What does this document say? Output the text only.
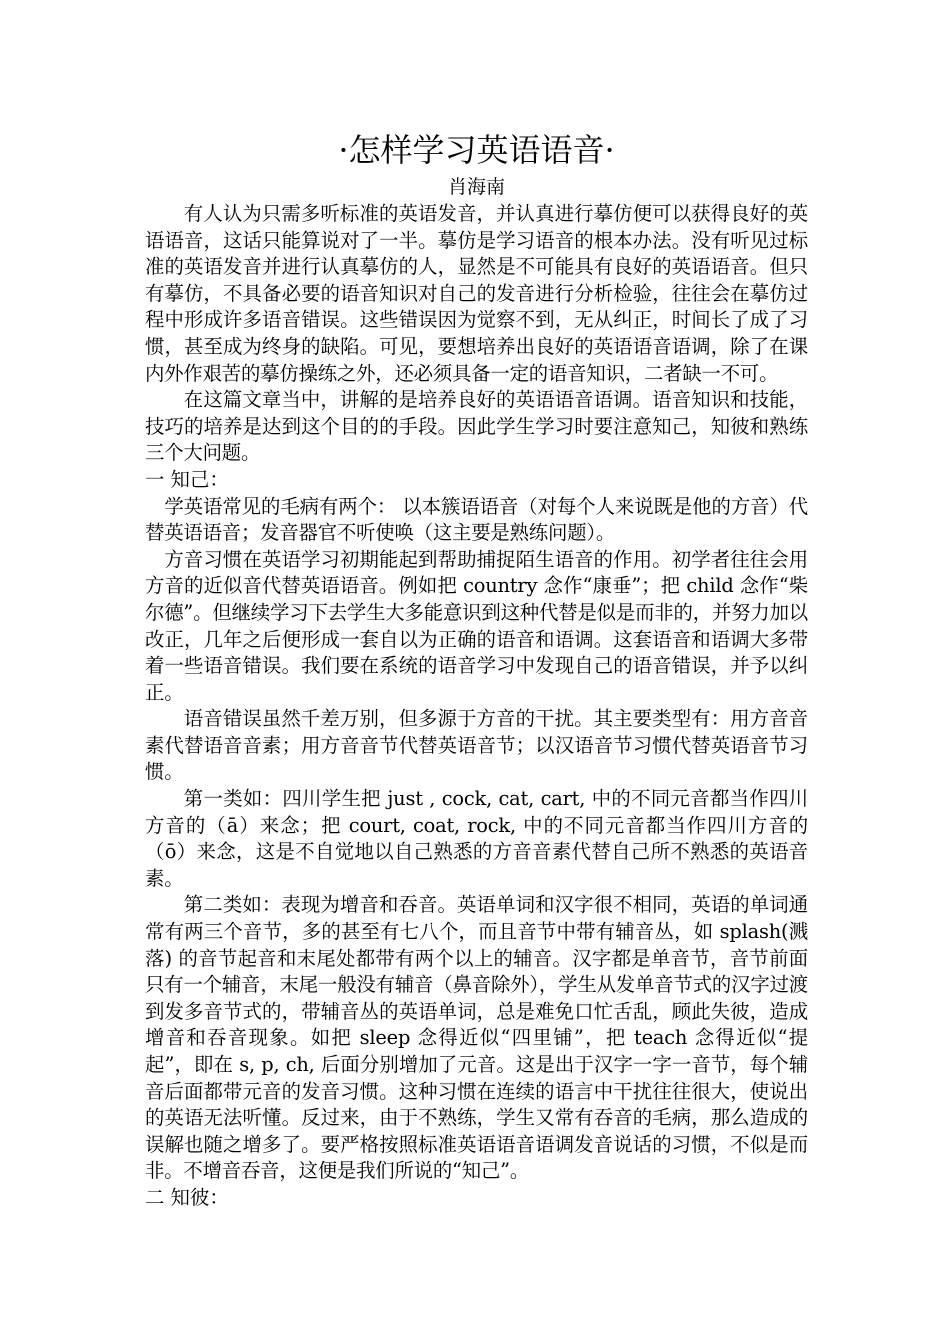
·怎样学习英语语音·
肖海南

有人认为只需多听标准的英语发音，并认真进行摹仿便可以获得良好的英语语音，这话只能算说对了一半。摹仿是学习语音的根本办法。没有听见过标准的英语发音并进行认真摹仿的人，显然是不可能具有良好的英语语音。但只有摹仿，不具备必要的语音知识对自己的发音进行分析检验，往往会在摹仿过程中形成许多语音错误。这些错误因为觉察不到，无从纠正，时间长了成了习惯，甚至成为终身的缺陷。可见，要想培养出良好的英语语音语调，除了在课内外作艰苦的摹仿操练之外，还必须具备一定的语音知识，二者缺一不可。

在这篇文章当中，讲解的是培养良好的英语语音语调。语音知识和技能，技巧的培养是达到这个目的的手段。因此学生学习时要注意知己，知彼和熟练三个大问题。

一 知己：

学英语常见的毛病有两个： 以本簇语语音（对每个人来说既是他的方音）代替英语语音；发音器官不听使唤（这主要是熟练问题）。

方音习惯在英语学习初期能起到帮助捕捉陌生语音的作用。初学者往往会用方音的近似音代替英语语音。例如把 country 念作“康垂”；把 child 念作“柴尔德”。但继续学习下去学生大多能意识到这种代替是似是而非的，并努力加以改正，几年之后便形成一套自以为正确的语音和语调。这套语音和语调大多带着一些语音错误。我们要在系统的语音学习中发现自己的语音错误，并予以纠正。

语音错误虽然千差万别，但多源于方音的干扰。其主要类型有：用方音音素代替语音音素；用方音音节代替英语音节；以汉语音节习惯代替英语音节习惯。

第一类如：四川学生把 just , cock, cat, cart, 中的不同元音都当作四川方音的（ā）来念；把 court, coat, rock, 中的不同元音都当作四川方音的（ō）来念，这是不自觉地以自己熟悉的方音音素代替自己所不熟悉的英语音素。

第二类如：表现为增音和吞音。英语单词和汉字很不相同，英语的单词通常有两三个音节，多的甚至有七八个，而且音节中带有辅音丛，如 splash(溅落) 的音节起音和末尾处都带有两个以上的辅音。汉字都是单音节，音节前面只有一个辅音，末尾一般没有辅音（鼻音除外），学生从发单音节式的汉字过渡到发多音节式的，带辅音丛的英语单词，总是难免口忙舌乱，顾此失彼，造成增音和吞音现象。如把 sleep 念得近似“四里铺”，把 teach 念得近似“提起”，即在 s, p, ch, 后面分别增加了元音。这是出于汉字一字一音节，每个辅音后面都带元音的发音习惯。这种习惯在连续的语言中干扰往往很大，使说出的英语无法听懂。反过来，由于不熟练，学生又常有吞音的毛病，那么造成的误解也随之增多了。要严格按照标准英语语音语调发音说话的习惯，不似是而非。不增音吞音，这便是我们所说的“知己”。

二 知彼：
